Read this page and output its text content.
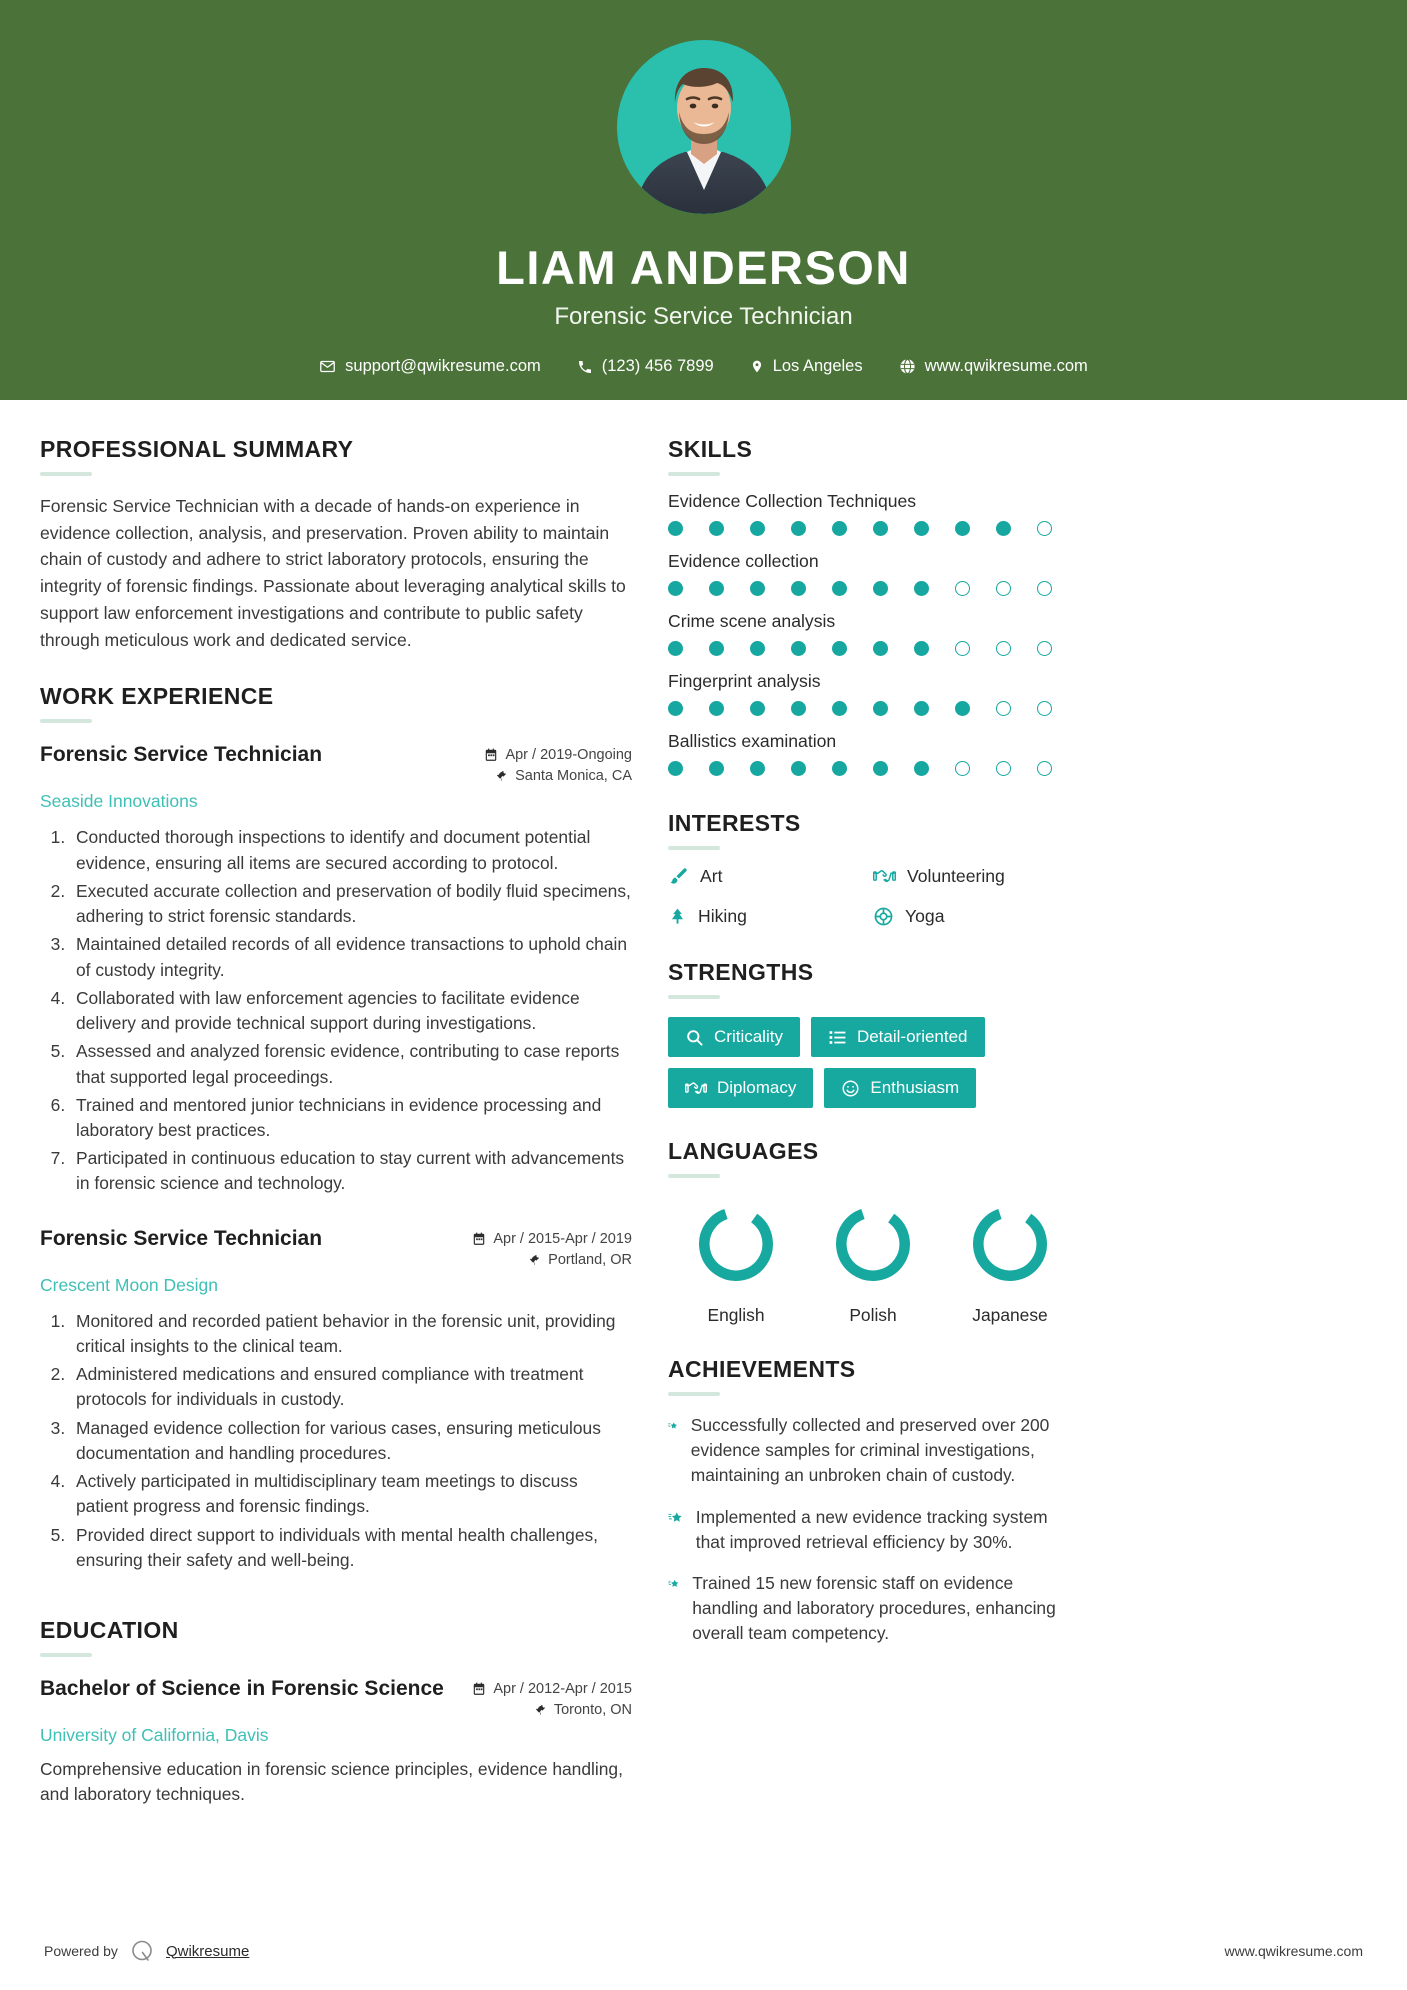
LIAM ANDERSON
Forensic Service Technician
support@qwikresume.com	(123) 456 7899	Los Angeles	www.qwikresume.com
PROFESSIONAL SUMMARY
Forensic Service Technician with a decade of hands-on experience in evidence collection, analysis, and preservation. Proven ability to maintain chain of custody and adhere to strict laboratory protocols, ensuring the integrity of forensic findings. Passionate about leveraging analytical skills to support law enforcement investigations and contribute to public safety through meticulous work and dedicated service.
WORK EXPERIENCE
Forensic Service Technician	Apr / 2019-Ongoing
Santa Monica, CA
Seaside Innovations
1. Conducted thorough inspections to identify and document potential evidence, ensuring all items are secured according to protocol.
2. Executed accurate collection and preservation of bodily fluid specimens, adhering to strict forensic standards.
3. Maintained detailed records of all evidence transactions to uphold chain of custody integrity.
4. Collaborated with law enforcement agencies to facilitate evidence delivery and provide technical support during investigations.
5. Assessed and analyzed forensic evidence, contributing to case reports that supported legal proceedings.
6. Trained and mentored junior technicians in evidence processing and laboratory best practices.
7. Participated in continuous education to stay current with advancements in forensic science and technology.
Forensic Service Technician	Apr / 2015-Apr / 2019
Portland, OR
Crescent Moon Design
1. Monitored and recorded patient behavior in the forensic unit, providing critical insights to the clinical team.
2. Administered medications and ensured compliance with treatment protocols for individuals in custody.
3. Managed evidence collection for various cases, ensuring meticulous documentation and handling procedures.
4. Actively participated in multidisciplinary team meetings to discuss patient progress and forensic findings.
5. Provided direct support to individuals with mental health challenges, ensuring their safety and well-being.
EDUCATION
Bachelor of Science in Forensic Science	Apr / 2012-Apr / 2015
Toronto, ON
University of California, Davis
Comprehensive education in forensic science principles, evidence handling, and laboratory techniques.
SKILLS
Evidence Collection Techniques
Evidence collection
Crime scene analysis
Fingerprint analysis
Ballistics examination
INTERESTS
Art	Volunteering
Hiking	Yoga
STRENGTHS
Criticality	Detail-oriented
Diplomacy	Enthusiasm
LANGUAGES
English	Polish	Japanese
ACHIEVEMENTS
Successfully collected and preserved over 200 evidence samples for criminal investigations, maintaining an unbroken chain of custody.
Implemented a new evidence tracking system that improved retrieval efficiency by 30%.
Trained 15 new forensic staff on evidence handling and laboratory procedures, enhancing overall team competency.
Powered by	Qwikresume	www.qwikresume.com
